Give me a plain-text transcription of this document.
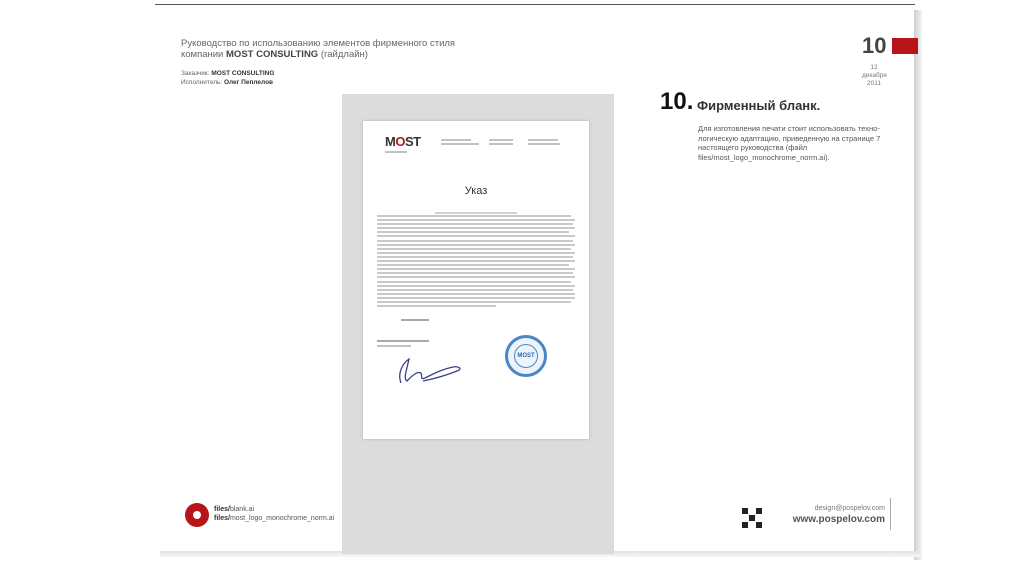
Руководство по использованию элементов фирменного стиля
компании MOST CONSULTING (гайдлайн)
Заказчик: MOST CONSULTING
Исполнитель: Олег Пеплелов
10
12 декабря
2011
MOST
Указ
MOST
10. Фирменный бланк.
Для изготовления печати стоит использовать техно-логическую адаптацию, приведенную на странице 7 настоящего руководства (файл files/most_logo_monochrome_norm.ai).
files/blank.ai
files/most_logo_monochrome_norm.ai
design@pospelov.com
www.pospelov.com
